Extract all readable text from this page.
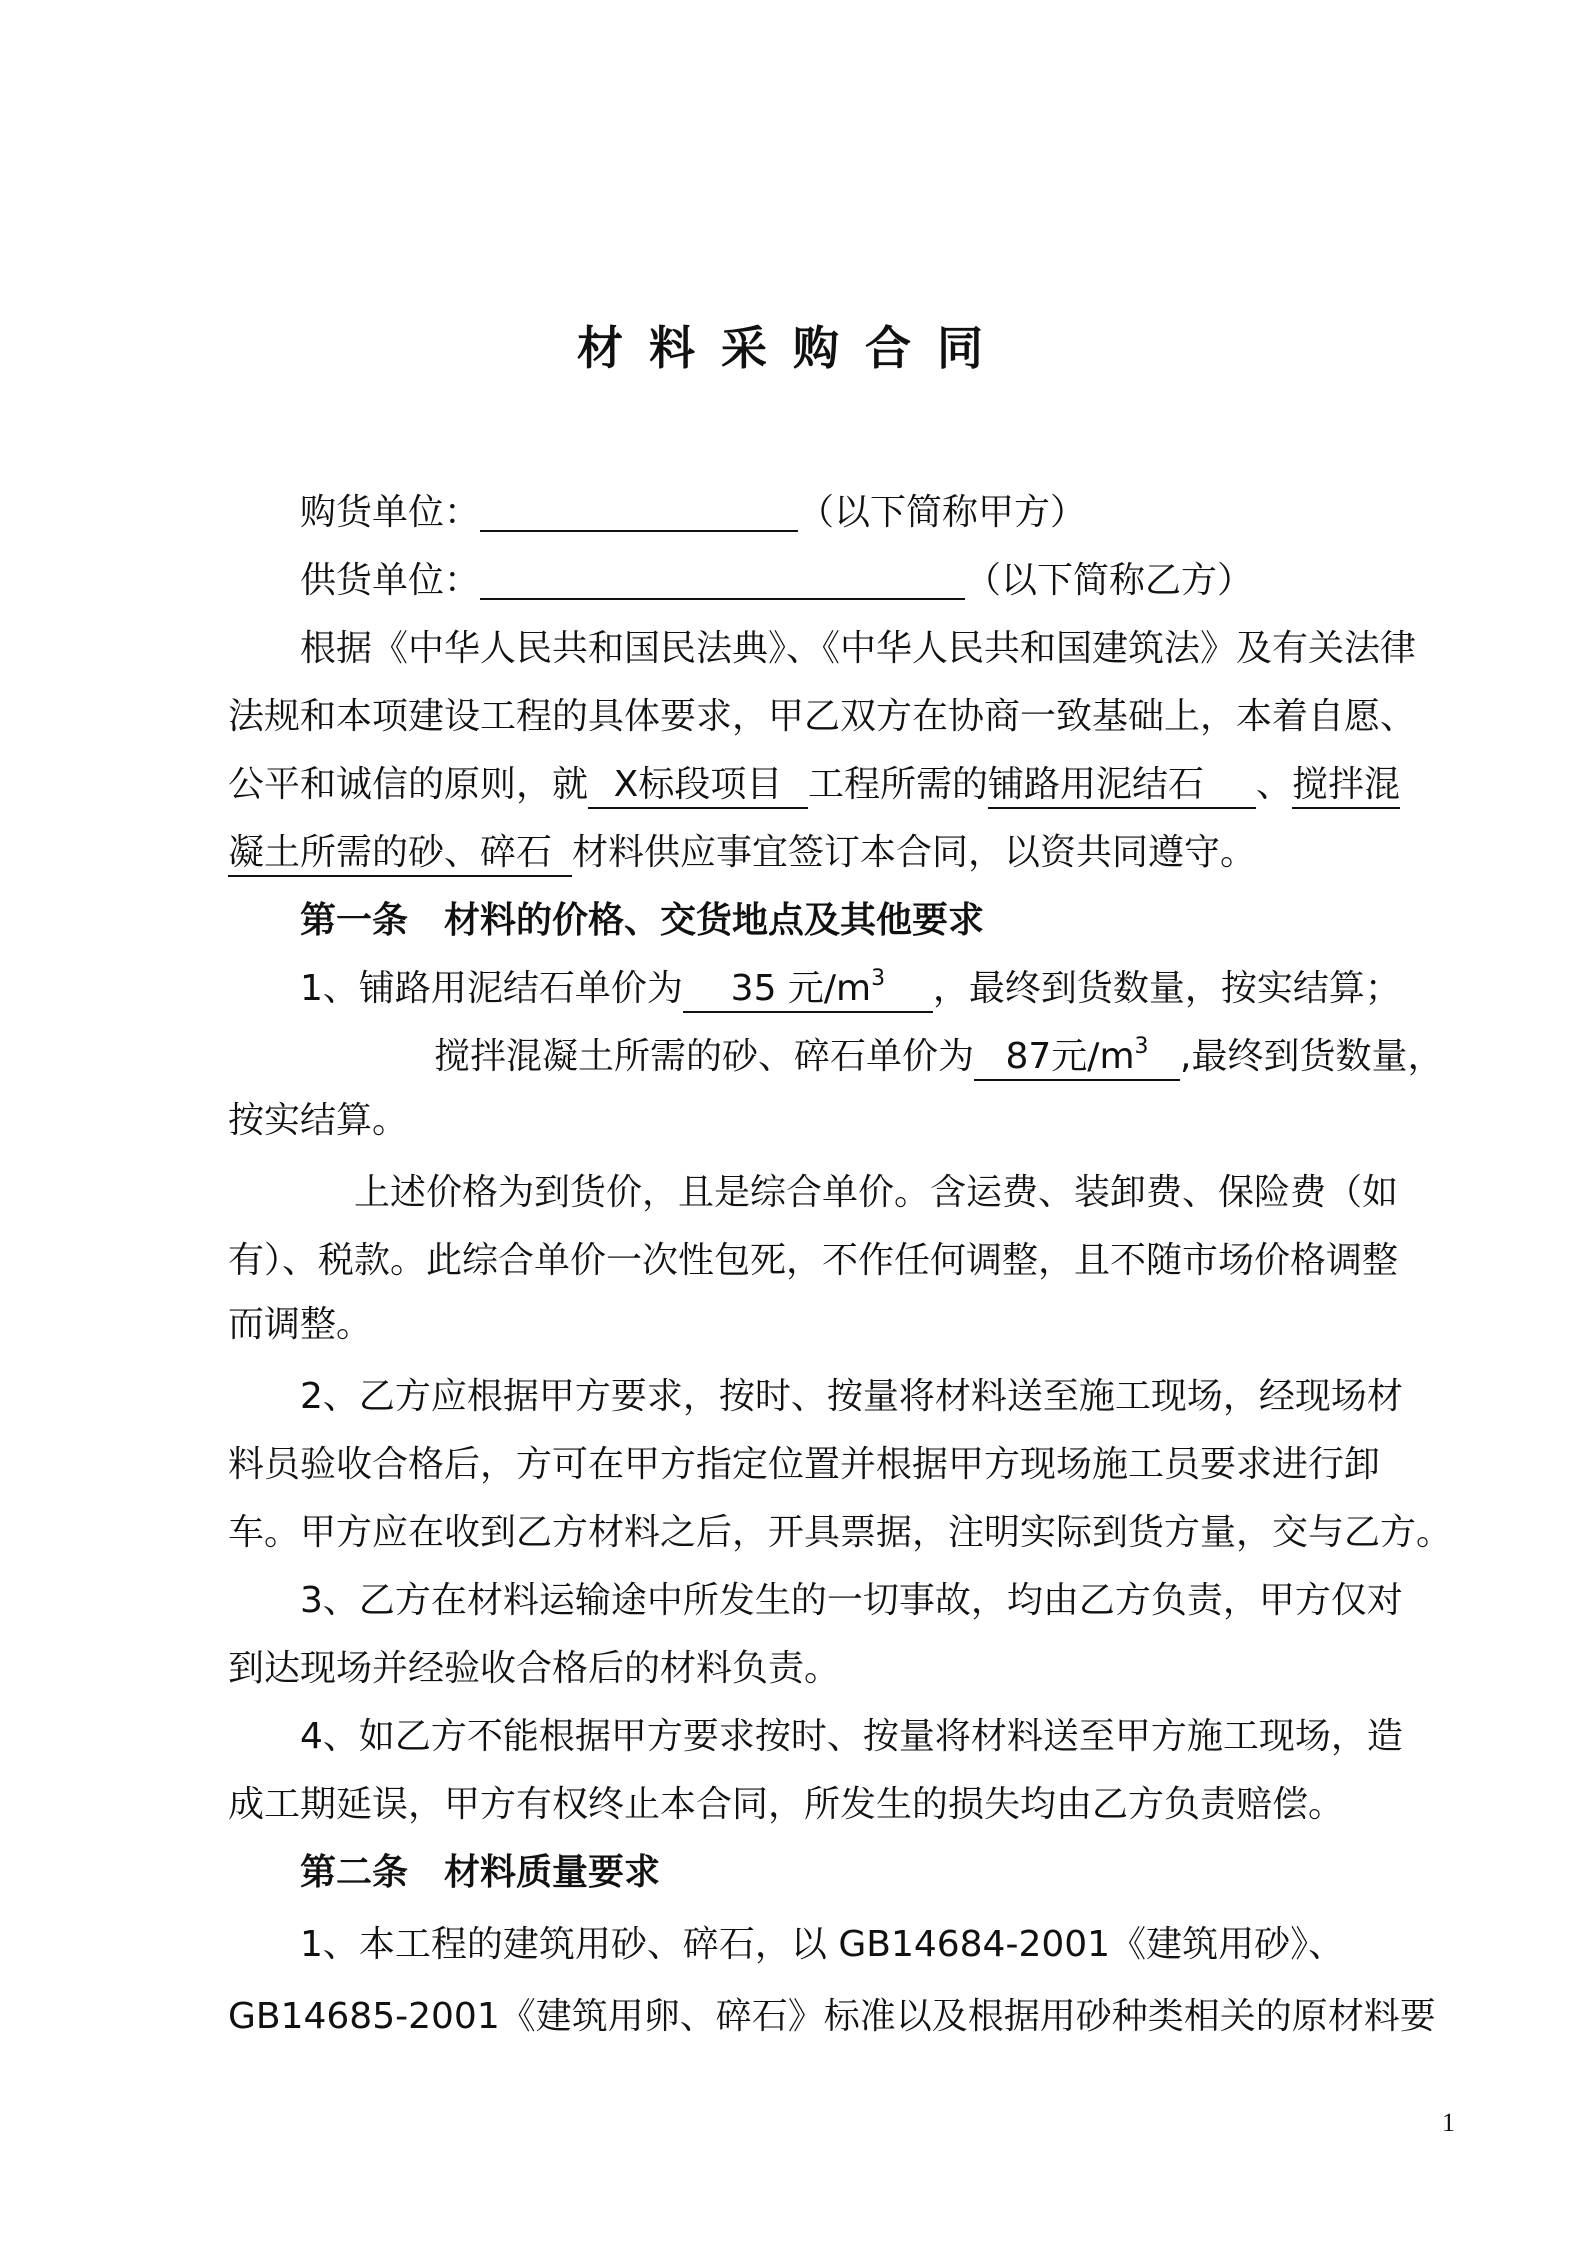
材料采购合同
购货单位：	（以下简称甲方）
供货单位：	（以下简称乙方）
根据《中华人民共和国民法典》、《中华人民共和国建筑法》及有关法律
法规和本项建设工程的具体要求，甲乙双方在协商一致基础上，本着自愿、
公平和诚信的原则，就 X标段项目 工程所需的铺路用泥结石 、搅拌混
凝土所需的砂、碎石 材料供应事宜签订本合同，以资共同遵守。
第一条　材料的价格、交货地点及其他要求
1、铺路用泥结石单价为 35 元$/m^3$ ，最终到货数量，按实结算；
搅拌混凝土所需的砂、碎石单价为 87元$/m^3$ ,最终到货数量，
按实结算。
上述价格为到货价，且是综合单价。含运费、装卸费、保险费（如
有）、税款。此综合单价一次性包死，不作任何调整，且不随市场价格调整
而调整。
2、乙方应根据甲方要求，按时、按量将材料送至施工现场，经现场材
料员验收合格后，方可在甲方指定位置并根据甲方现场施工员要求进行卸
车。甲方应在收到乙方材料之后，开具票据，注明实际到货方量，交与乙方。
3、乙方在材料运输途中所发生的一切事故，均由乙方负责，甲方仅对
到达现场并经验收合格后的材料负责。
4、如乙方不能根据甲方要求按时、按量将材料送至甲方施工现场，造
成工期延误，甲方有权终止本合同，所发生的损失均由乙方负责赔偿。
第二条　材料质量要求
1、本工程的建筑用砂、碎石，以 GB14684-2001《建筑用砂》、
GB14685-2001《建筑用卵、碎石》标准以及根据用砂种类相关的原材料要
1
